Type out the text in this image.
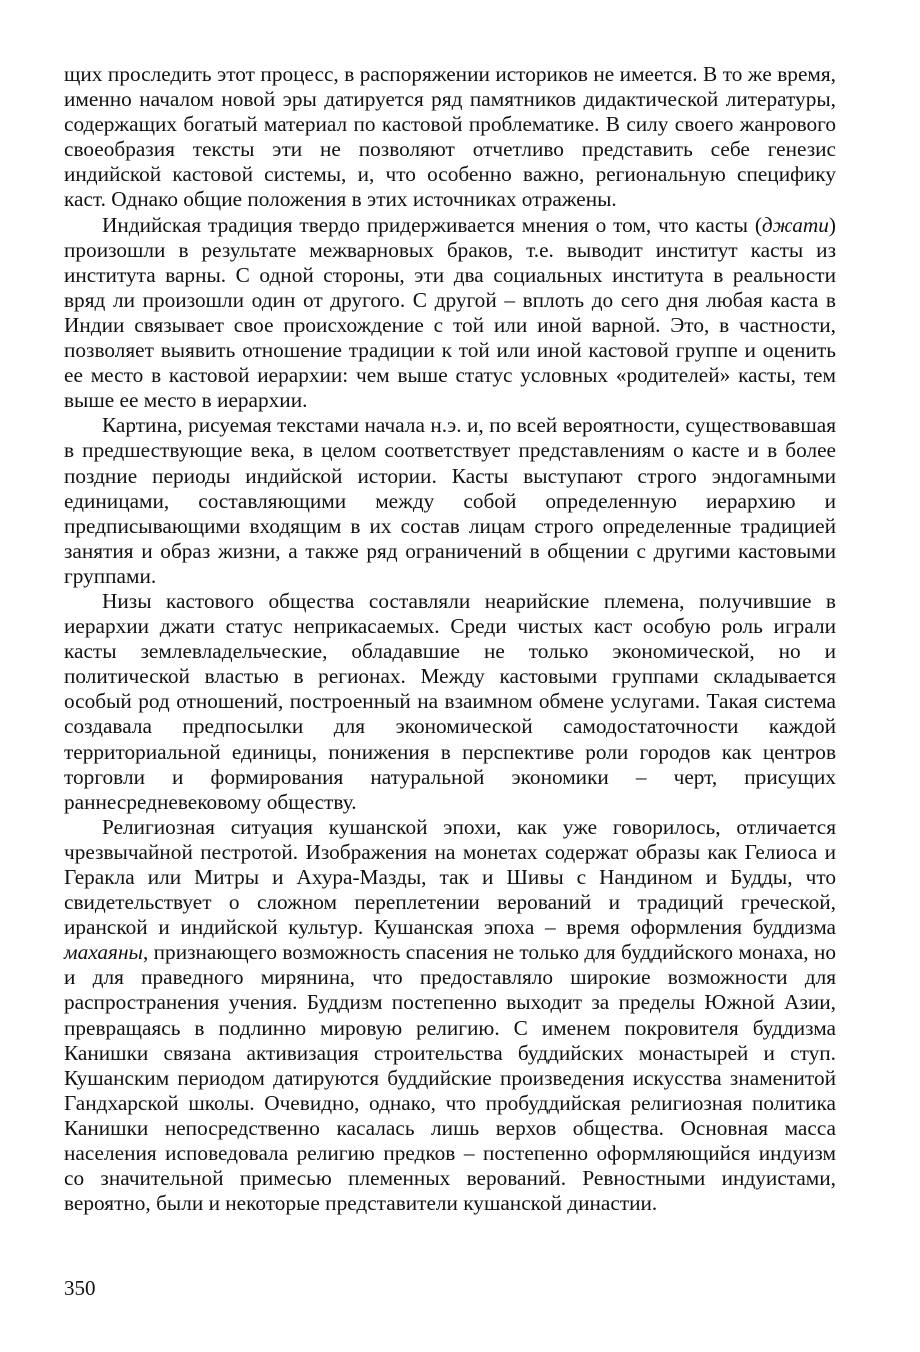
щих проследить этот процесс, в распоряжении историков не имеется. В то же время, именно началом новой эры датируется ряд памятников дидактической литературы, содержащих богатый материал по кастовой проблематике. В силу своего жанрового своеобразия тексты эти не позволяют отчетливо представить себе генезис индийской кастовой системы, и, что особенно важно, региональную специфику каст. Однако общие положения в этих источниках отражены.

Индийская традиция твердо придерживается мнения о том, что касты (джати) произошли в результате межварновых браков, т.е. выводит институт касты из института варны. С одной стороны, эти два социальных института в реальности вряд ли произошли один от другого. С другой – вплоть до сего дня любая каста в Индии связывает свое происхождение с той или иной варной. Это, в частности, позволяет выявить отношение традиции к той или иной кастовой группе и оценить ее место в кастовой иерархии: чем выше статус условных «родителей» касты, тем выше ее место в иерархии.

Картина, рисуемая текстами начала н.э. и, по всей вероятности, существовавшая в предшествующие века, в целом соответствует представлениям о касте и в более поздние периоды индийской истории. Касты выступают строго эндогамными единицами, составляющими между собой определенную иерархию и предписывающими входящим в их состав лицам строго определенные традицией занятия и образ жизни, а также ряд ограничений в общении с другими кастовыми группами.

Низы кастового общества составляли неарийские племена, получившие в иерархии джати статус неприкасаемых. Среди чистых каст особую роль играли касты землевладельческие, обладавшие не только экономической, но и политической властью в регионах. Между кастовыми группами складывается особый род отношений, построенный на взаимном обмене услугами. Такая система создавала предпосылки для экономической самодостаточности каждой территориальной единицы, понижения в перспективе роли городов как центров торговли и формирования натуральной экономики – черт, присущих раннесредневековому обществу.

Религиозная ситуация кушанской эпохи, как уже говорилось, отличается чрезвычайной пестротой. Изображения на монетах содержат образы как Гелиоса и Геракла или Митры и Ахура-Мазды, так и Шивы с Нандином и Будды, что свидетельствует о сложном переплетении верований и традиций греческой, иранской и индийской культур. Кушанская эпоха – время оформления буддизма махаяны, признающего возможность спасения не только для буддийского монаха, но и для праведного мирянина, что предоставляло широкие возможности для распространения учения. Буддизм постепенно выходит за пределы Южной Азии, превращаясь в подлинно мировую религию. С именем покровителя буддизма Канишки связана активизация строительства буддийских монастырей и ступ. Кушанским периодом датируются буддийские произведения искусства знаменитой Гандхарской школы. Очевидно, однако, что пробуддийская религиозная политика Канишки непосредственно касалась лишь верхов общества. Основная масса населения исповедовала религию предков – постепенно оформляющийся индуизм со значительной примесью племенных верований. Ревностными индуистами, вероятно, были и некоторые представители кушанской династии.

350
